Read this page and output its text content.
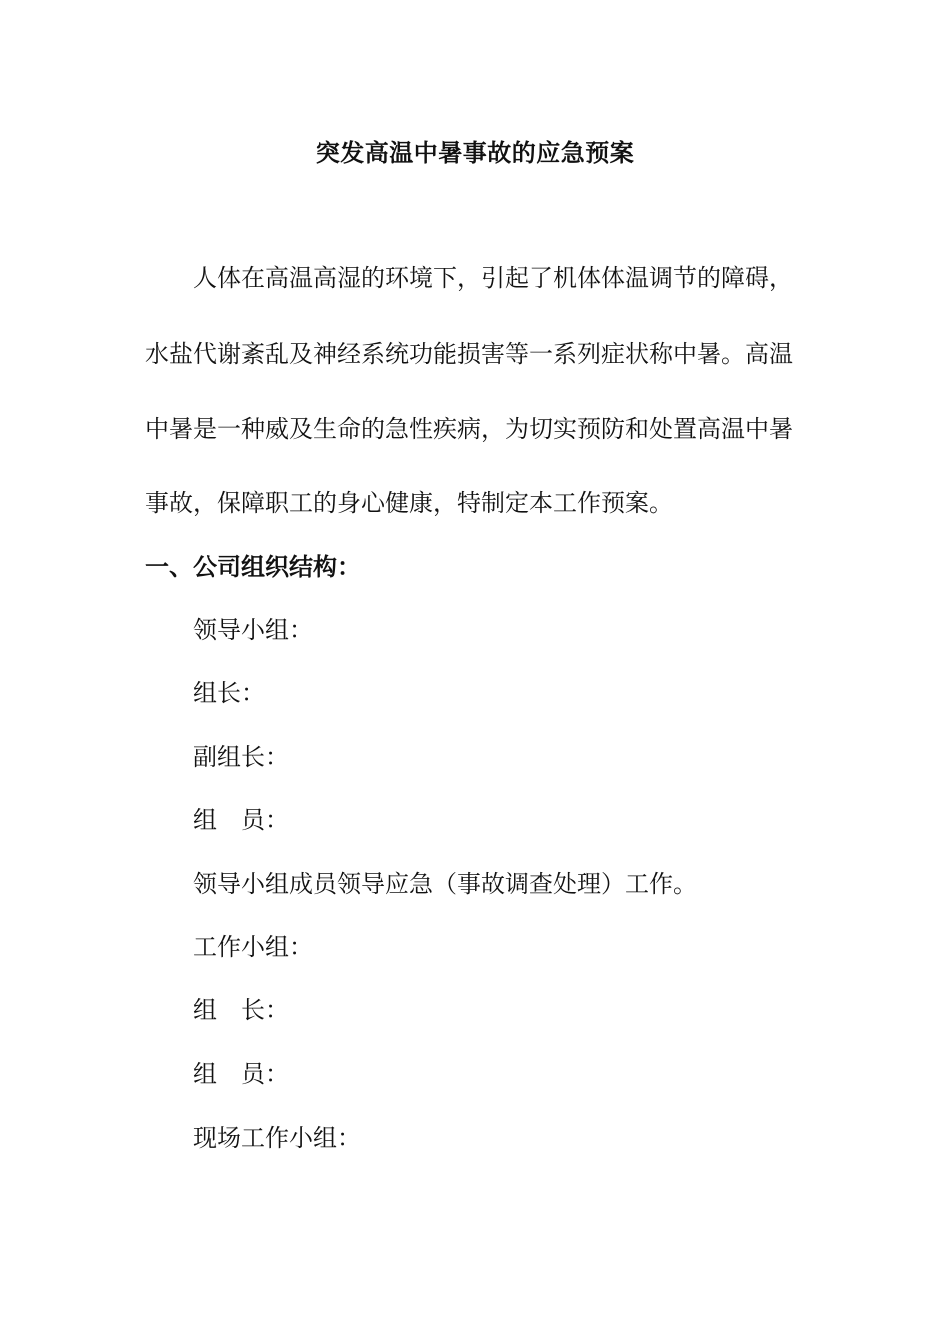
突发高温中暑事故的应急预案
　　人体在高温高湿的环境下，引起了机体体温调节的障碍，
水盐代谢紊乱及神经系统功能损害等一系列症状称中暑。高温
中暑是一种威及生命的急性疾病，为切实预防和处置高温中暑
事故，保障职工的身心健康，特制定本工作预案。
一、公司组织结构：
领导小组：
组长：
副组长：
组　员：
领导小组成员领导应急（事故调查处理）工作。
工作小组：
组　长：
组　员：
现场工作小组：
